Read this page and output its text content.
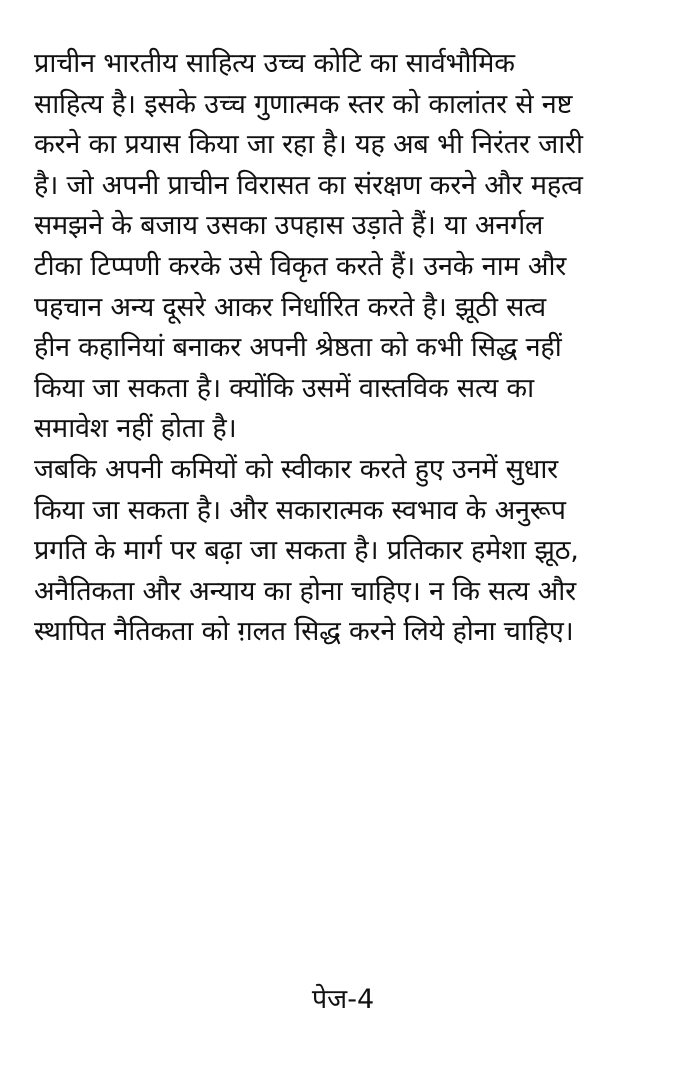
प्राचीन भारतीय साहित्य उच्च कोटि का सार्वभौमिक
साहित्य है। इसके उच्च गुणात्मक स्तर को कालांतर से नष्ट
करने का प्रयास किया जा रहा है। यह अब भी निरंतर जारी
है। जो अपनी प्राचीन विरासत का संरक्षण करने और महत्व
समझने के बजाय उसका उपहास उड़ाते हैं। या अनर्गल
टीका टिप्पणी करके उसे विकृत करते हैं। उनके नाम और
पहचान अन्य दूसरे आकर निर्धारित करते है। झूठी सत्व
हीन कहानियां बनाकर अपनी श्रेष्ठता को कभी सिद्ध नहीं
किया जा सकता है। क्योंकि उसमें वास्तविक सत्य का
समावेश नहीं होता है।
जबकि अपनी कमियों को स्वीकार करते हुए उनमें सुधार
किया जा सकता है। और सकारात्मक स्वभाव के अनुरूप
प्रगति के मार्ग पर बढ़ा जा सकता है। प्रतिकार हमेशा झूठ,
अनैतिकता और अन्याय का होना चाहिए। न कि सत्य और
स्थापित नैतिकता को ग़लत सिद्ध करने लिये होना चाहिए।
पेज-4
